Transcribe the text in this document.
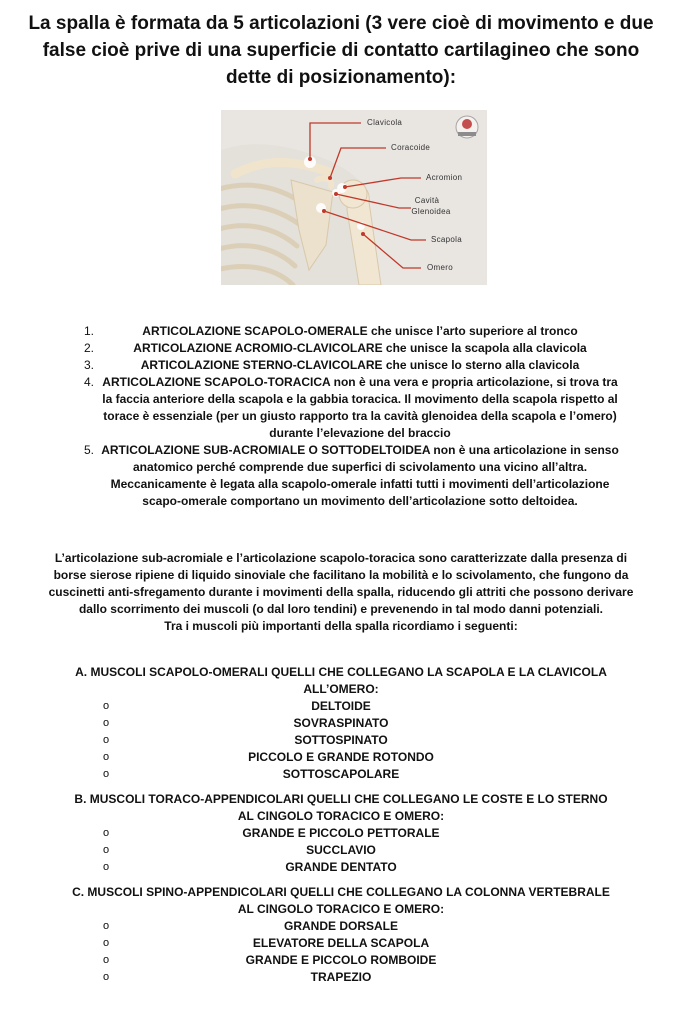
La spalla è formata da 5 articolazioni (3 vere cioè di movimento e due false cioè prive di una superficie di contatto cartilagineo che sono dette di posizionamento):
Clavicola
Coracoide
Acromion
Cavità
Glenoidea
Scapola
Omero
1.	ARTICOLAZIONE SCAPOLO-OMERALE che unisce l’arto superiore al tronco
2.	ARTICOLAZIONE ACROMIO-CLAVICOLARE che unisce la scapola alla clavicola
3.	ARTICOLAZIONE STERNO-CLAVICOLARE che unisce lo sterno alla clavicola
4. ARTICOLAZIONE SCAPOLO-TORACICA non è una vera e propria articolazione, si trova tra la faccia anteriore della scapola e la gabbia toracica. Il movimento della scapola rispetto al torace è essenziale (per un giusto rapporto tra la cavità glenoidea della scapola e l’omero) durante l’elevazione del braccio
5. ARTICOLAZIONE SUB-ACROMIALE O SOTTODELTOIDEA non è una articolazione in senso anatomico perché comprende due superfici di scivolamento una vicino all’altra. Meccanicamente è legata alla scapolo-omerale infatti tutti i movimenti dell’articolazione scapo-omerale comportano un movimento dell’articolazione sotto deltoidea.
L’articolazione sub-acromiale e l’articolazione scapolo-toracica sono caratterizzate dalla presenza di borse sierose ripiene di liquido sinoviale che facilitano la mobilità e lo scivolamento, che fungono da cuscinetti anti-sfregamento durante i movimenti della spalla, riducendo gli attriti che possono derivare dallo scorrimento dei muscoli (o dal loro tendini) e prevenendo in tal modo danni potenziali.
Tra i muscoli più importanti della spalla ricordiamo i seguenti:
A. MUSCOLI SCAPOLO-OMERALI QUELLI CHE COLLEGANO LA SCAPOLA E LA CLAVICOLA ALL’OMERO:
o	DELTOIDE
o	SOVRASPINATO
o	SOTTOSPINATO
o	PICCOLO E GRANDE ROTONDO
o	SOTTOSCAPOLARE
B. MUSCOLI TORACO-APPENDICOLARI QUELLI CHE COLLEGANO LE COSTE E LO STERNO AL CINGOLO TORACICO E OMERO:
o	GRANDE E PICCOLO PETTORALE
o	SUCCLAVIO
o	GRANDE DENTATO
C. MUSCOLI SPINO-APPENDICOLARI QUELLI CHE COLLEGANO LA COLONNA VERTEBRALE AL CINGOLO TORACICO E OMERO:
o	GRANDE DORSALE
o	ELEVATORE DELLA SCAPOLA
o	GRANDE E PICCOLO ROMBOIDE
o	TRAPEZIO
